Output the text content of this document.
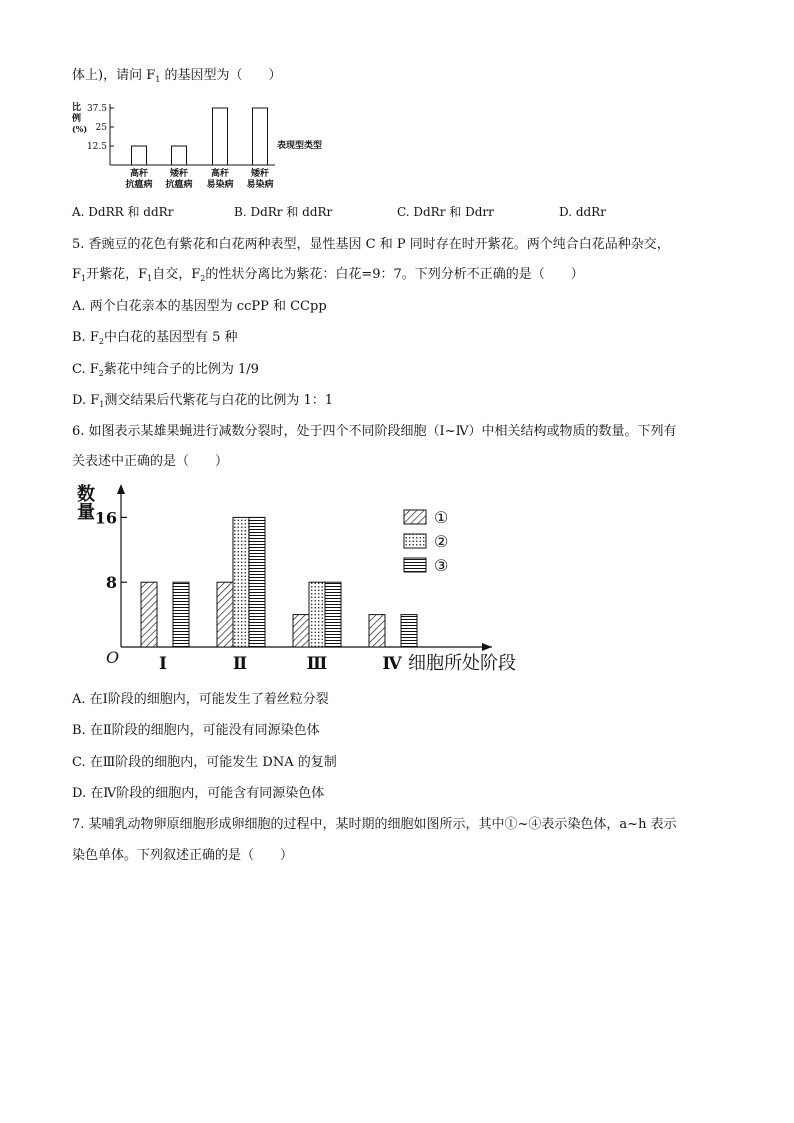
体上)，请问 $F_1$ 的基因型为（　　）
37.5
25
12.5
比
例
(%)
高秆
抗瘟病
矮秆
抗瘟病
高秆
易染病
矮秆
易染病
表现型类型
A. DdRR 和 ddRr	B. DdRr 和 ddRr	C. DdRr 和 Ddrr	D. ddRr
5. 香豌豆的花色有紫花和白花两种表型，显性基因 C 和 P 同时存在时开紫花。两个纯合白花品种杂交，
$F_1$开紫花，$F_1$自交，$F_2$的性状分离比为紫花：白花=9：7。下列分析不正确的是（　　）
A. 两个白花亲本的基因型为 ccPP 和 CCpp
B. $F_2$中白花的基因型有 5 种
C. $F_2$紫花中纯合子的比例为 1/9
D. $F_1$测交结果后代紫花与白花的比例为 1：1
6. 如图表示某雄果蝇进行减数分裂时，处于四个不同阶段细胞（I~Ⅳ）中相关结构或物质的数量。下列有
关表述中正确的是（　　）
16
8
数
量
O Ⅰ	Ⅱ	Ⅲ	Ⅳ 细胞所处阶段
①
②
③
A. 在Ⅰ阶段的细胞内，可能发生了着丝粒分裂
B. 在Ⅱ阶段的细胞内，可能没有同源染色体
C. 在Ⅲ阶段的细胞内，可能发生 DNA 的复制
D. 在Ⅳ阶段的细胞内，可能含有同源染色体
7. 某哺乳动物卵原细胞形成卵细胞的过程中，某时期的细胞如图所示，其中①~④表示染色体，a~h 表示
染色单体。下列叙述正确的是（　　）
